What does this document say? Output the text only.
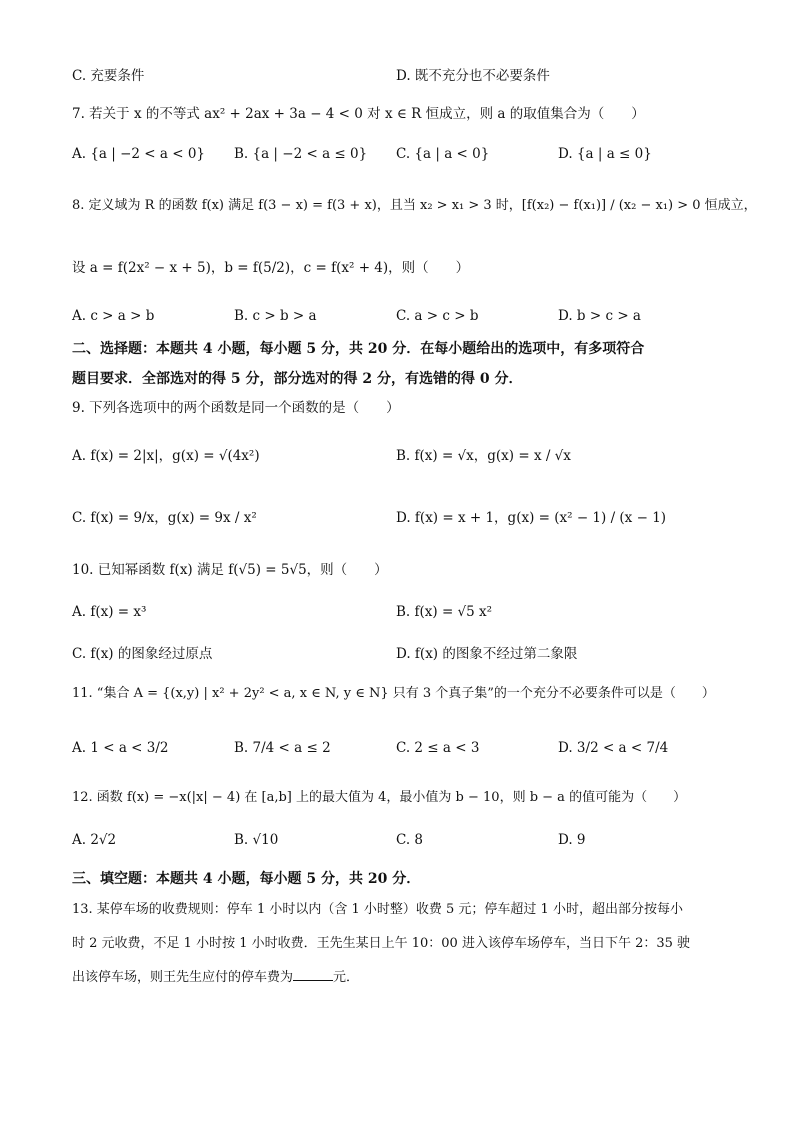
C. 充要条件	D. 既不充分也不必要条件
7. 若关于 x 的不等式 ax² + 2ax + 3a − 4 < 0 对 x ∈ R 恒成立，则 a 的取值集合为（　　）
A. {a | −2 < a < 0} B. {a | −2 < a ≤ 0} C. {a | a < 0}	D. {a | a ≤ 0}
8. 定义域为 R 的函数 f(x) 满足 f(3 − x) = f(3 + x)，且当 x₂ > x₁ > 3 时，[f(x₂) − f(x₁)] / (x₂ − x₁) > 0 恒成立，
设 a = f(2x² − x + 5)，b = f(5/2)，c = f(x² + 4)，则（　　）
A. c > a > b	B. c > b > a	C. a > c > b	D. b > c > a
二、选择题：本题共 4 小题，每小题 5 分，共 20 分．在每小题给出的选项中，有多项符合
题目要求．全部选对的得 5 分，部分选对的得 2 分，有选错的得 0 分．
9. 下列各选项中的两个函数是同一个函数的是（　　）
A. f(x) = 2|x|，g(x) = √(4x²)	B. f(x) = √x，g(x) = x / √x
C. f(x) = 9/x，g(x) = 9x / x²	D. f(x) = x + 1，g(x) = (x² − 1) / (x − 1)
10. 已知幂函数 f(x) 满足 f(√5) = 5√5，则（　　）
A. f(x) = x³	B. f(x) = √5 x²
C. f(x) 的图象经过原点	D. f(x) 的图象不经过第二象限
11. “集合 A = {(x,y) | x² + 2y² < a, x ∈ N, y ∈ N} 只有 3 个真子集”的一个充分不必要条件可以是（　　）
A. 1 < a < 3/2	B. 7/4 < a ≤ 2	C. 2 ≤ a < 3	D. 3/2 < a < 7/4
12. 函数 f(x) = −x(|x| − 4) 在 [a,b] 上的最大值为 4，最小值为 b − 10，则 b − a 的值可能为（　　）
A. 2√2	B. √10	C. 8	D. 9
三、填空题：本题共 4 小题，每小题 5 分，共 20 分．
13. 某停车场的收费规则：停车 1 小时以内（含 1 小时整）收费 5 元；停车超过 1 小时，超出部分按每小
时 2 元收费，不足 1 小时按 1 小时收费．王先生某日上午 10：00 进入该停车场停车，当日下午 2：35 驶
出该停车场，则王先生应付的停车费为	元．
